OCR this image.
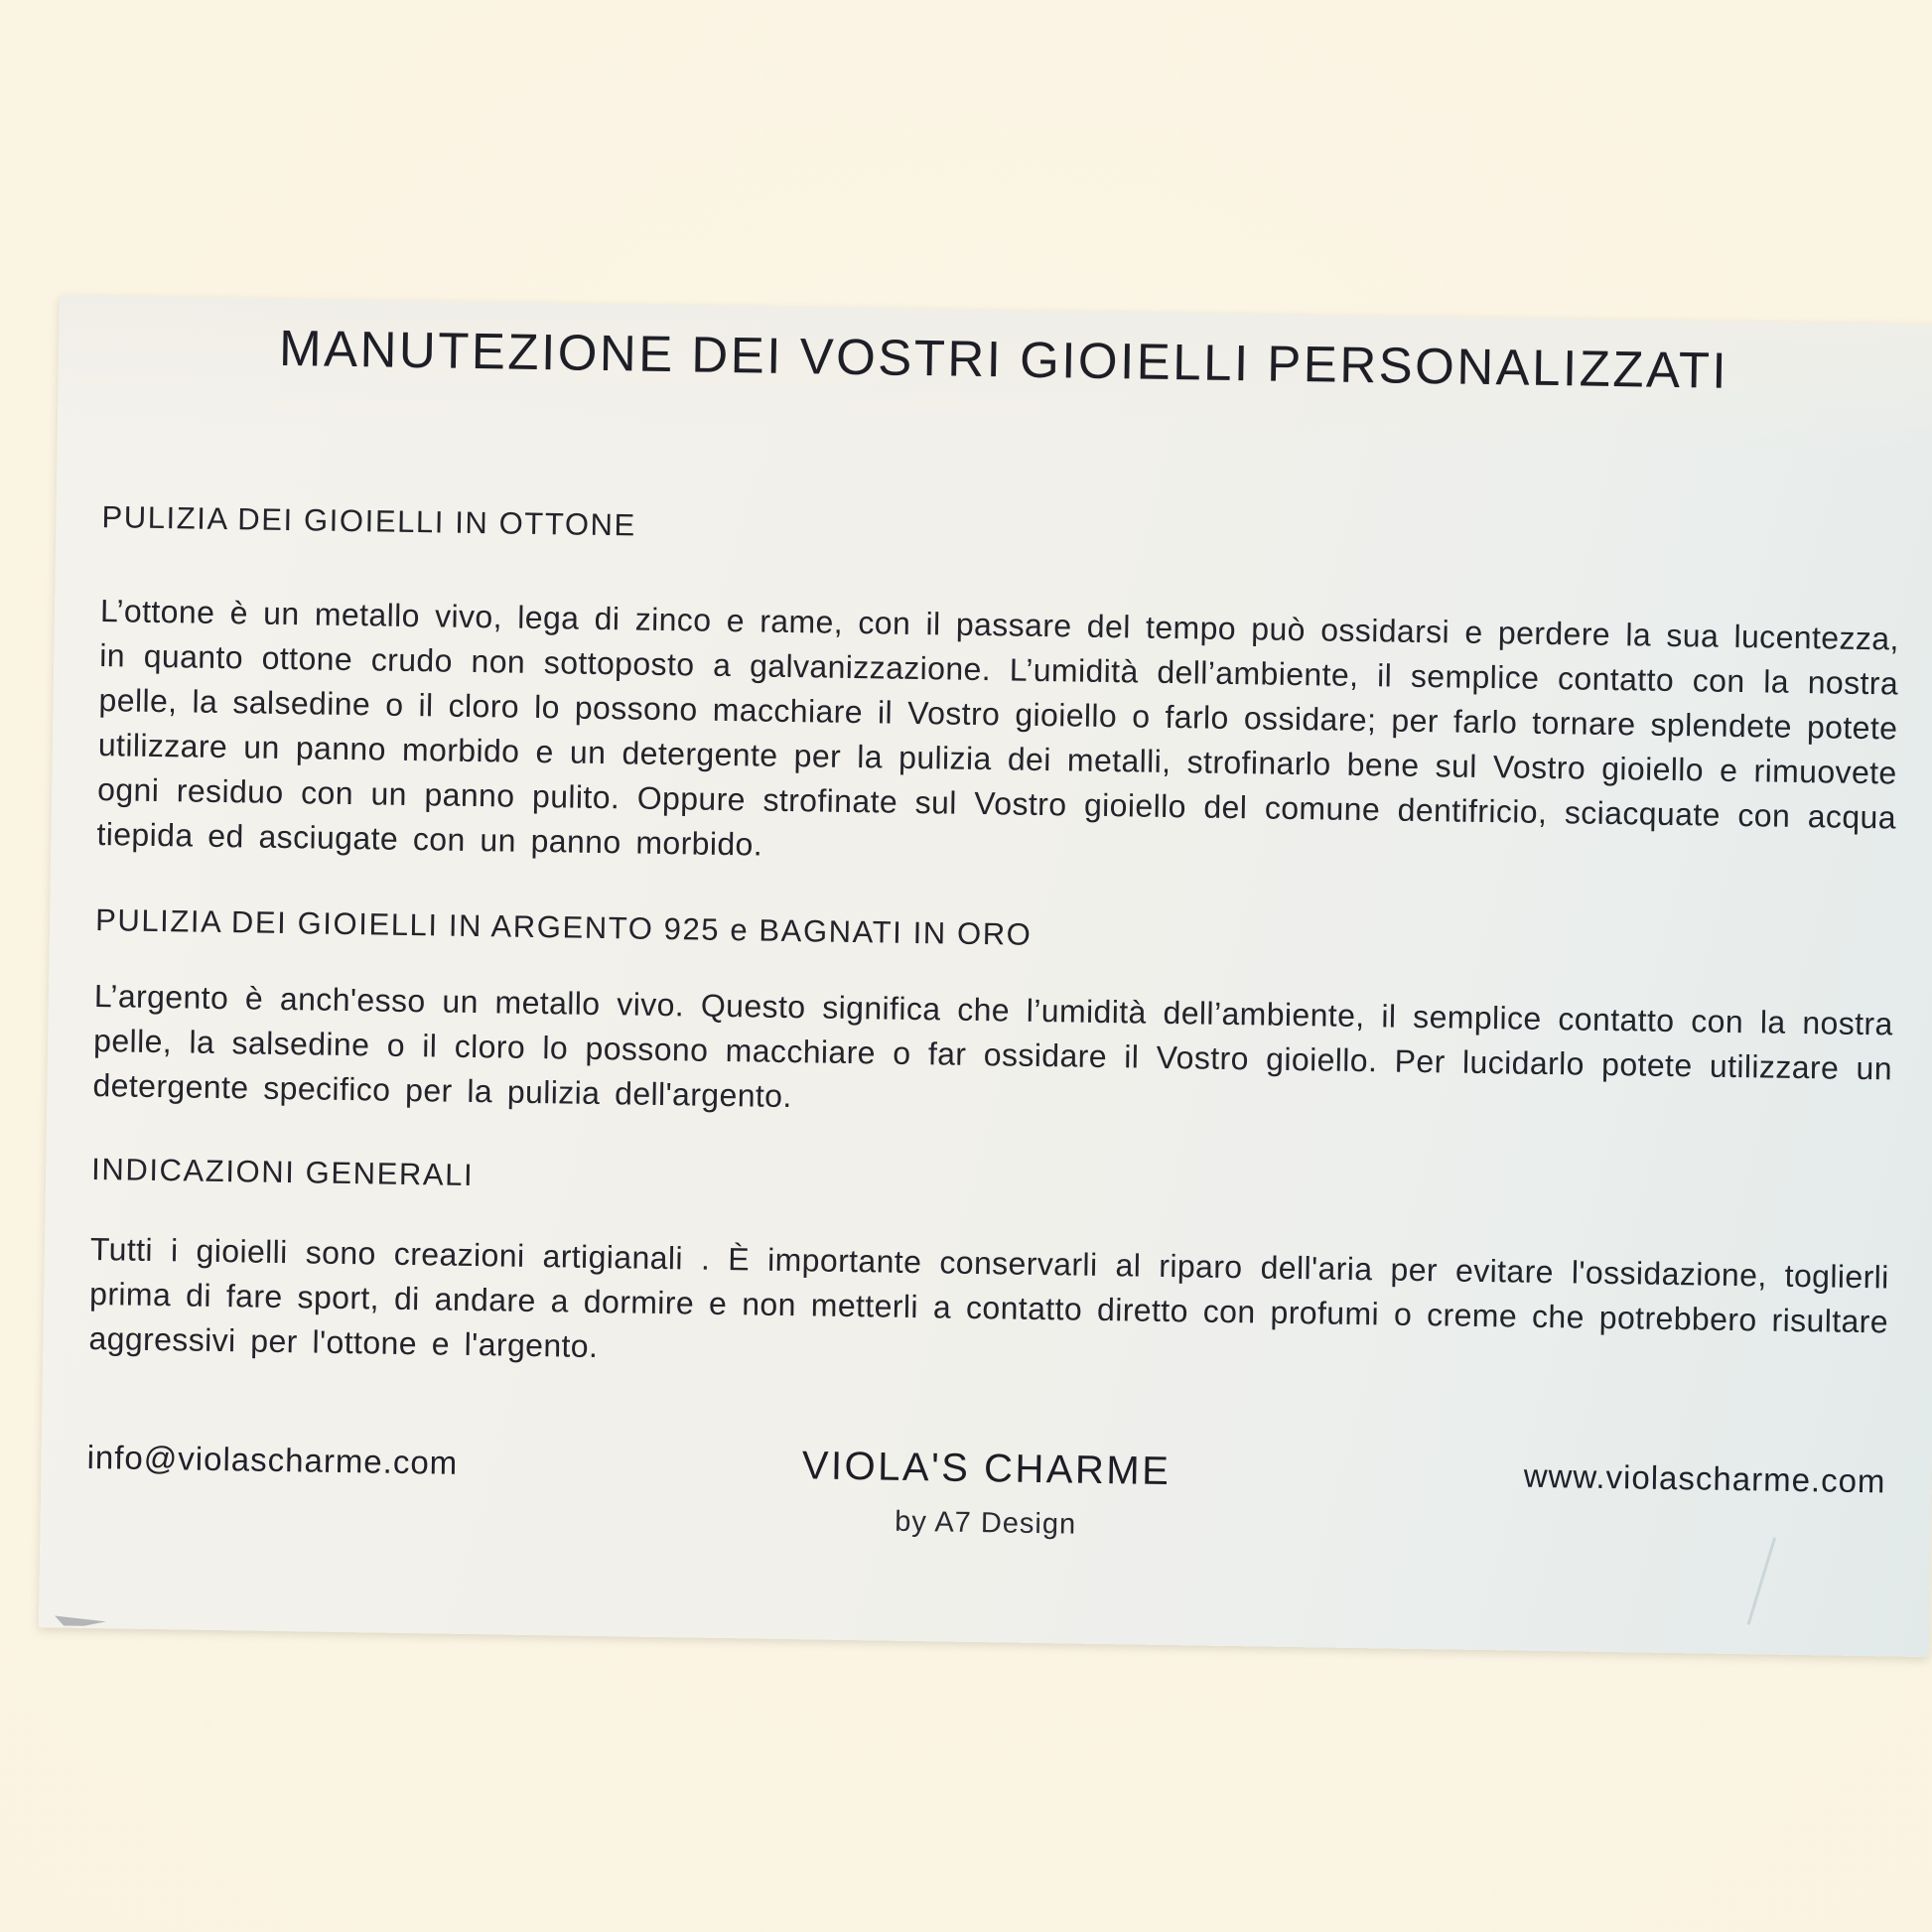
MANUTEZIONE DEI VOSTRI GIOIELLI PERSONALIZZATI
PULIZIA DEI GIOIELLI IN OTTONE

L’ottone è un metallo vivo, lega di zinco e rame, con il passare del tempo può ossidarsi e perdere la sua lucentezza, in quanto ottone crudo non sottoposto a galvanizzazione. L’umidità dell’ambiente, il semplice contatto con la nostra pelle, la salsedine o il cloro lo possono macchiare il Vostro gioiello o farlo ossidare; per farlo tornare splendete potete utilizzare un panno morbido e un detergente per la pulizia dei metalli, strofinarlo bene sul Vostro gioiello e rimuovete ogni residuo con un panno pulito. Oppure strofinate sul Vostro gioiello del comune dentifricio, sciacquate con acqua tiepida ed asciugate con un panno morbido.

PULIZIA DEI GIOIELLI IN ARGENTO 925 e BAGNATI IN ORO

L’argento è anch'esso un metallo vivo. Questo significa che l’umidità dell’ambiente, il semplice contatto con la nostra pelle, la salsedine o il cloro lo possono macchiare o far ossidare il Vostro gioiello. Per lucidarlo potete utilizzare un detergente specifico per la pulizia dell'argento.

INDICAZIONI GENERALI

Tutti i gioielli sono creazioni artigianali . È importante conservarli al riparo dell'aria per evitare l'ossidazione, toglierli prima di fare sport, di andare a dormire e non metterli a contatto diretto con profumi o creme che potrebbero risultare aggressivi per l'ottone e l'argento.

info@violascharme.com	VIOLA'S CHARME
by A7 Design
www.violascharme.com
